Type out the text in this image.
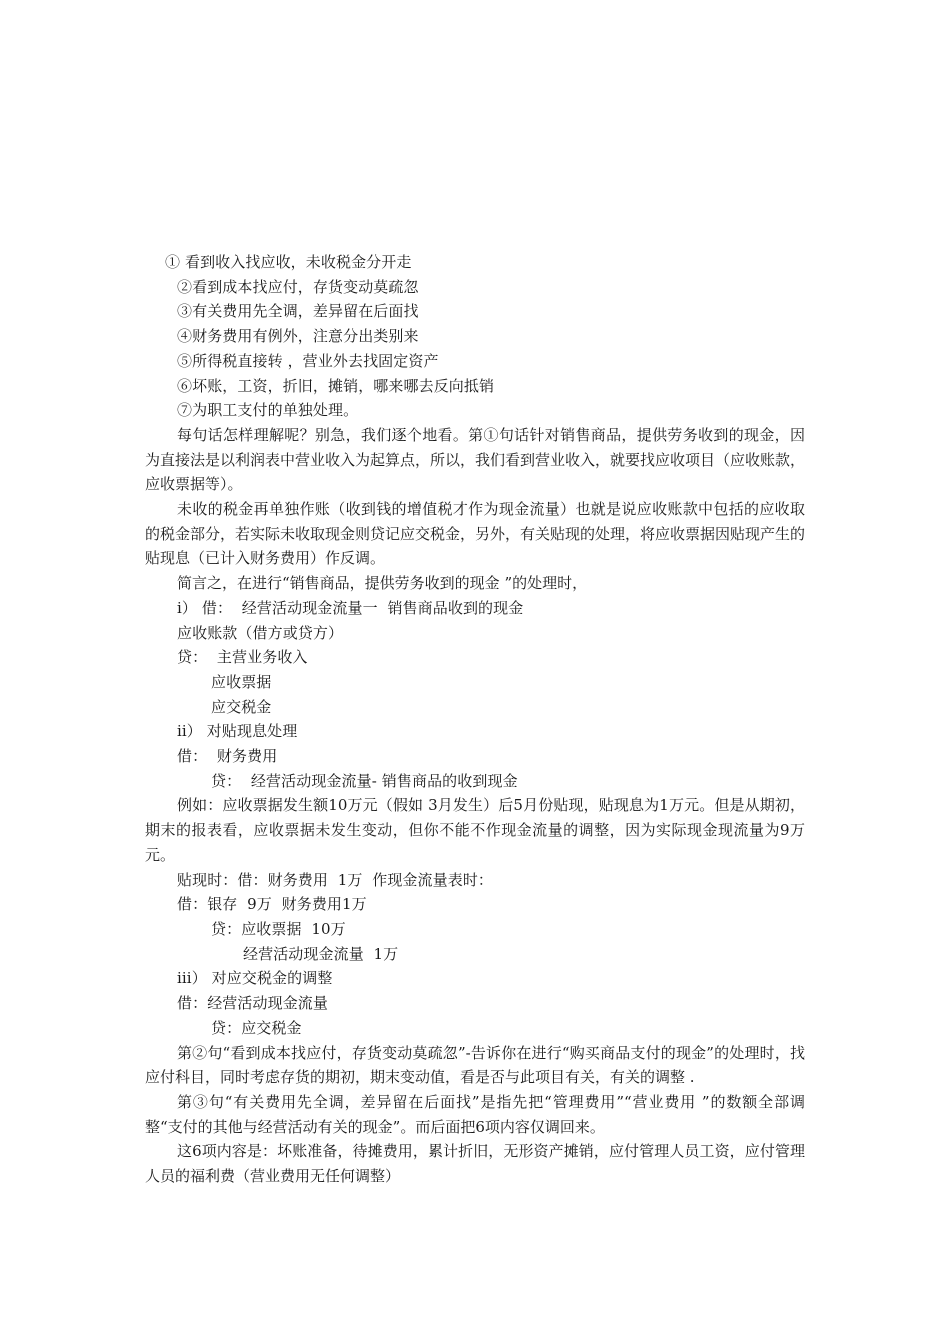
① 看到收入找应收，未收税金分开走
②看到成本找应付，存货变动莫疏忽
③有关费用先全调，差异留在后面找
④财务费用有例外，注意分出类别来
⑤所得税直接转 ，营业外去找固定资产
⑥坏账，工资，折旧，摊销，哪来哪去反向抵销
⑦为职工支付的单独处理。
每句话怎样理解呢？别急，我们逐个地看。第①句话针对销售商品，提供劳务收到的现金，因为直接法是以利润表中营业收入为起算点，所以，我们看到营业收入，就要找应收项目（应收账款，应收票据等）。
未收的税金再单独作账（收到钱的增值税才作为现金流量）也就是说应收账款中包括的应收取的税金部分，若实际未收取现金则贷记应交税金，另外，有关贴现的处理，将应收票据因贴现产生的贴现息（已计入财务费用）作反调。
简言之，在进行“销售商品，提供劳务收到的现金 ”的处理时，
i） 借：  经营活动现金流量一  销售商品收到的现金
应收账款（借方或贷方）
贷：  主营业务收入
应收票据
应交税金
ii） 对贴现息处理
借：  财务费用
贷：  经营活动现金流量- 销售商品的收到现金
例如：应收票据发生额10万元（假如 3月发生）后5月份贴现，贴现息为1万元。但是从期初，期末的报表看，应收票据未发生变动，但你不能不作现金流量的调整，因为实际现金现流量为9万元。
贴现时：借：财务费用  1万  作现金流量表时：
借：银存  9万  财务费用1万
贷：应收票据  10万
经营活动现金流量  1万
iii） 对应交税金的调整
借：经营活动现金流量
贷：应交税金
第②句“看到成本找应付，存货变动莫疏忽”-告诉你在进行“购买商品支付的现金”的处理时，找应付科目，同时考虑存货的期初，期末变动值，看是否与此项目有关，有关的调整 .
第③句“有关费用先全调，差异留在后面找”是指先把“管理费用”“营业费用 ”的数额全部调整“支付的其他与经营活动有关的现金”。而后面把6项内容仅调回来。
这6项内容是：坏账准备，待摊费用，累计折旧，无形资产摊销，应付管理人员工资，应付管理人员的福利费（营业费用无任何调整）
